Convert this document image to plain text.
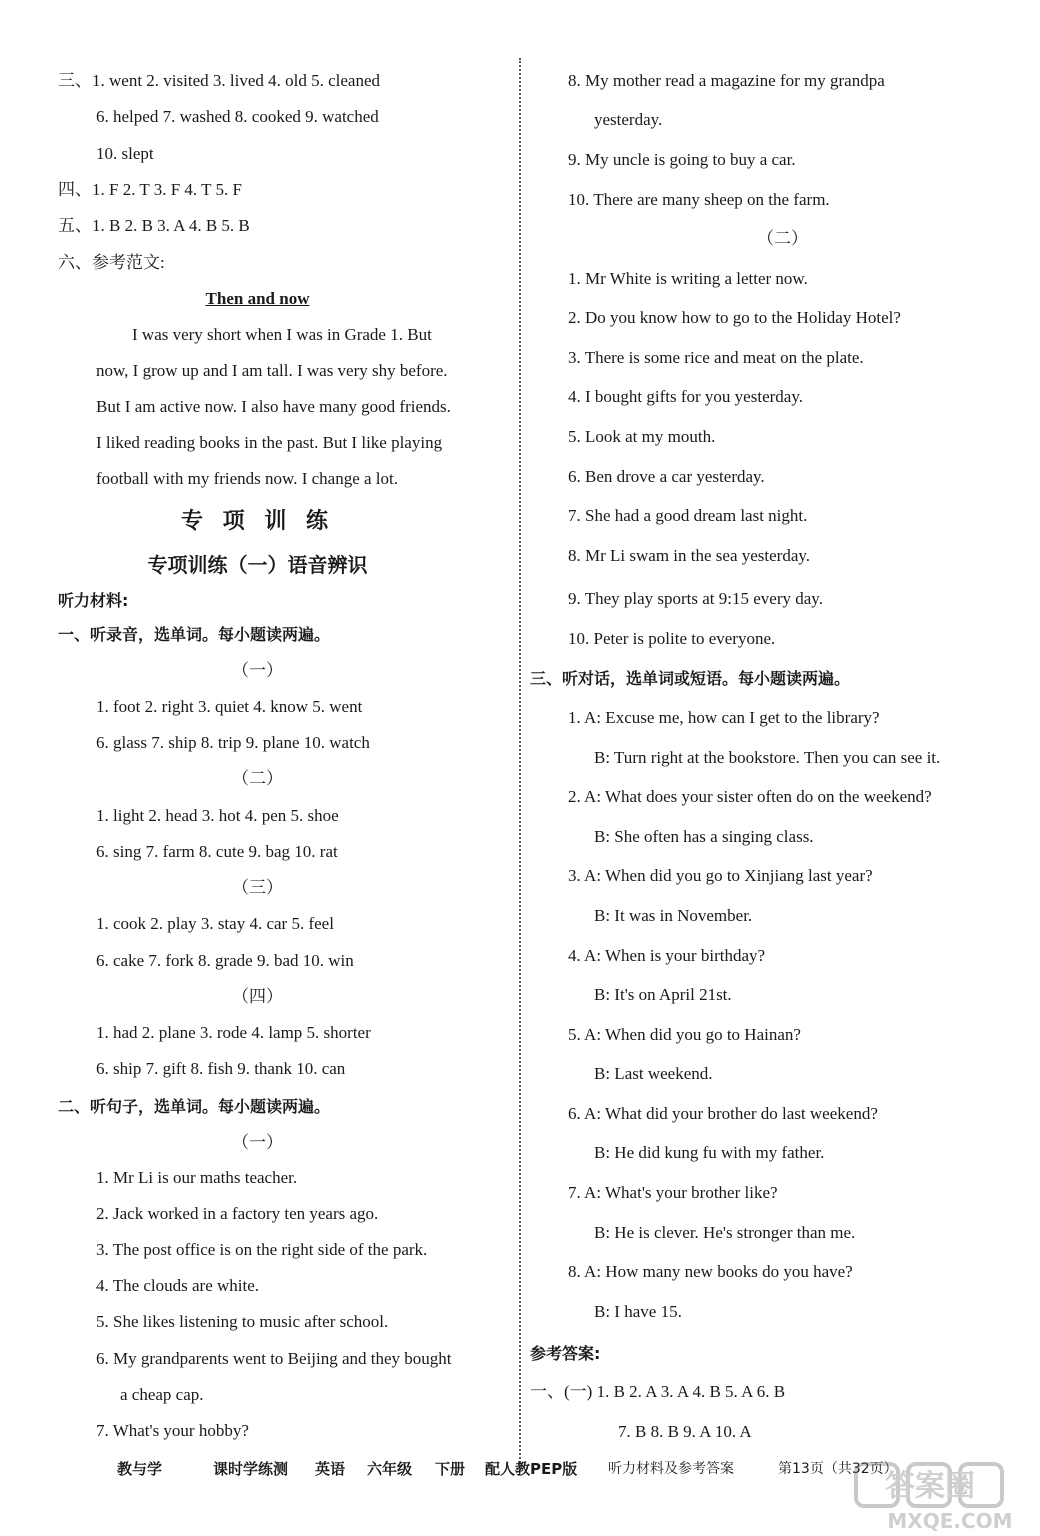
三、1. went 2. visited 3. lived 4. old 5. cleaned
6. helped 7. washed 8. cooked 9. watched
10. slept
四、1. F 2. T 3. F 4. T 5. F
五、1. B 2. B 3. A 4. B 5. B
六、参考范文:
Then and now
I was very short when I was in Grade 1. But
now, I grow up and I am tall. I was very shy before.
But I am active now. I also have many good friends.
I liked reading books in the past. But I like playing
football with my friends now. I change a lot.
专 项 训 练
专项训练（一）语音辨识
听力材料:
一、听录音，选单词。每小题读两遍。
（一）
1. foot 2. right 3. quiet 4. know 5. went
6. glass 7. ship 8. trip 9. plane 10. watch
（二）
1. light 2. head 3. hot 4. pen 5. shoe
6. sing 7. farm 8. cute 9. bag 10. rat
（三）
1. cook 2. play 3. stay 4. car 5. feel
6. cake 7. fork 8. grade 9. bad 10. win
（四）
1. had 2. plane 3. rode 4. lamp 5. shorter
6. ship 7. gift 8. fish 9. thank 10. can
二、听句子，选单词。每小题读两遍。
（一）
1. Mr Li is our maths teacher.
2. Jack worked in a factory ten years ago.
3. The post office is on the right side of the park.
4. The clouds are white.
5. She likes listening to music after school.
6. My grandparents went to Beijing and they bought
a cheap cap.
7. What's your hobby?
8. My mother read a magazine for my grandpa
yesterday.
9. My uncle is going to buy a car.
10. There are many sheep on the farm.
（二）
1. Mr White is writing a letter now.
2. Do you know how to go to the Holiday Hotel?
3. There is some rice and meat on the plate.
4. I bought gifts for you yesterday.
5. Look at my mouth.
6. Ben drove a car yesterday.
7. She had a good dream last night.
8. Mr Li swam in the sea yesterday.
9. They play sports at 9:15 every day.
10. Peter is polite to everyone.
三、听对话，选单词或短语。每小题读两遍。
1. A: Excuse me, how can I get to the library?
B: Turn right at the bookstore. Then you can see it.
2. A: What does your sister often do on the weekend?
B: She often has a singing class.
3. A: When did you go to Xinjiang last year?
B: It was in November.
4. A: When is your birthday?
B: It's on April 21st.
5. A: When did you go to Hainan?
B: Last weekend.
6. A: What did your brother do last weekend?
B: He did kung fu with my father.
7. A: What's your brother like?
B: He is clever. He's stronger than me.
8. A: How many new books do you have?
B: I have 15.
参考答案:
一、(一) 1. B 2. A 3. A 4. B 5. A 6. B
7. B 8. B 9. A 10. A
教与学	课时学练测 英语 六年级 下册 配人教PEP版 听力材料及参考答案	第13页（共32页）
答案圈
MXQE.COM
